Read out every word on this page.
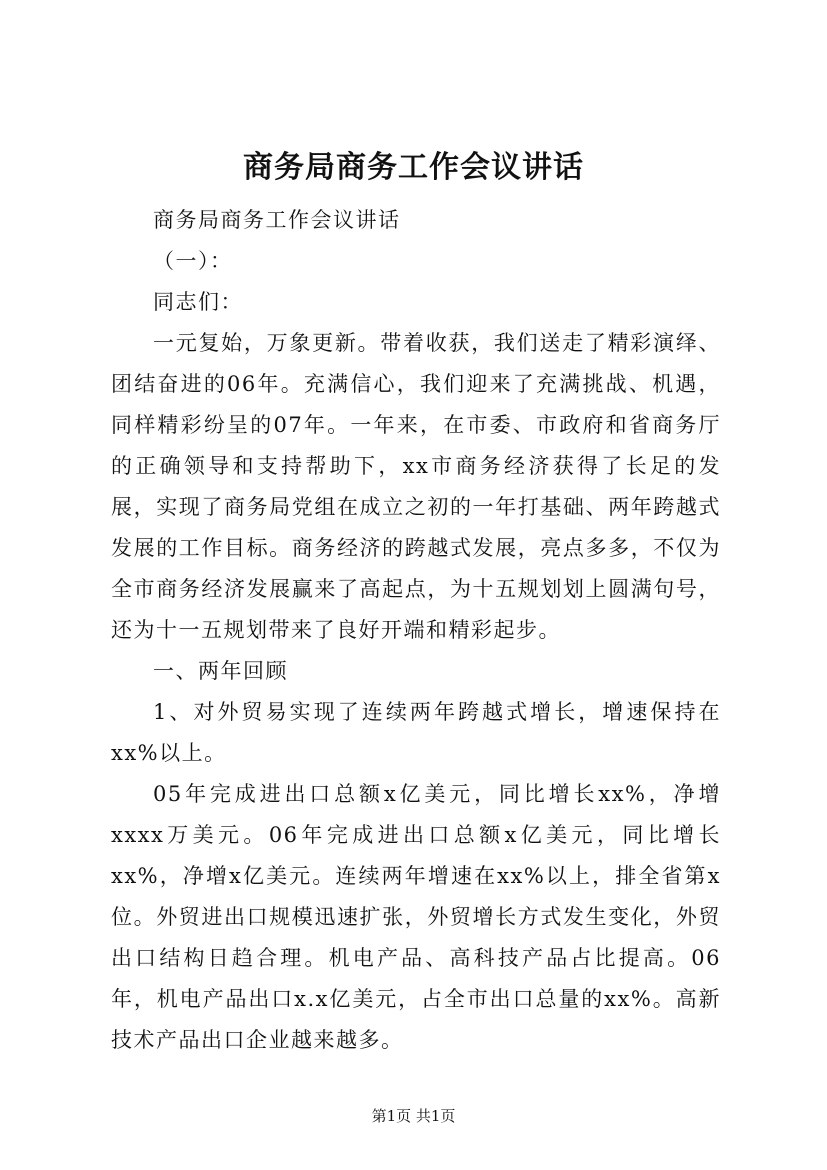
商务局商务工作会议讲话

商务局商务工作会议讲话

（一）：

同志们：

一元复始，万象更新。带着收获，我们送走了精彩演绎、团结奋进的06年。充满信心，我们迎来了充满挑战、机遇，同样精彩纷呈的07年。一年来，在市委、市政府和省商务厅的正确领导和支持帮助下，xx市商务经济获得了长足的发展，实现了商务局党组在成立之初的一年打基础、两年跨越式发展的工作目标。商务经济的跨越式发展，亮点多多，不仅为全市商务经济发展赢来了高起点，为十五规划划上圆满句号，还为十一五规划带来了良好开端和精彩起步。

一、两年回顾

1、对外贸易实现了连续两年跨越式增长，增速保持在xx%以上。

05年完成进出口总额x亿美元，同比增长xx%，净增xxxx万美元。06年完成进出口总额x亿美元，同比增长xx%，净增x亿美元。连续两年增速在xx%以上，排全省第x位。外贸进出口规模迅速扩张，外贸增长方式发生变化，外贸出口结构日趋合理。机电产品、高科技产品占比提高。06年，机电产品出口x.x亿美元，占全市出口总量的xx%。高新技术产品出口企业越来越多。

第1页 共1页
